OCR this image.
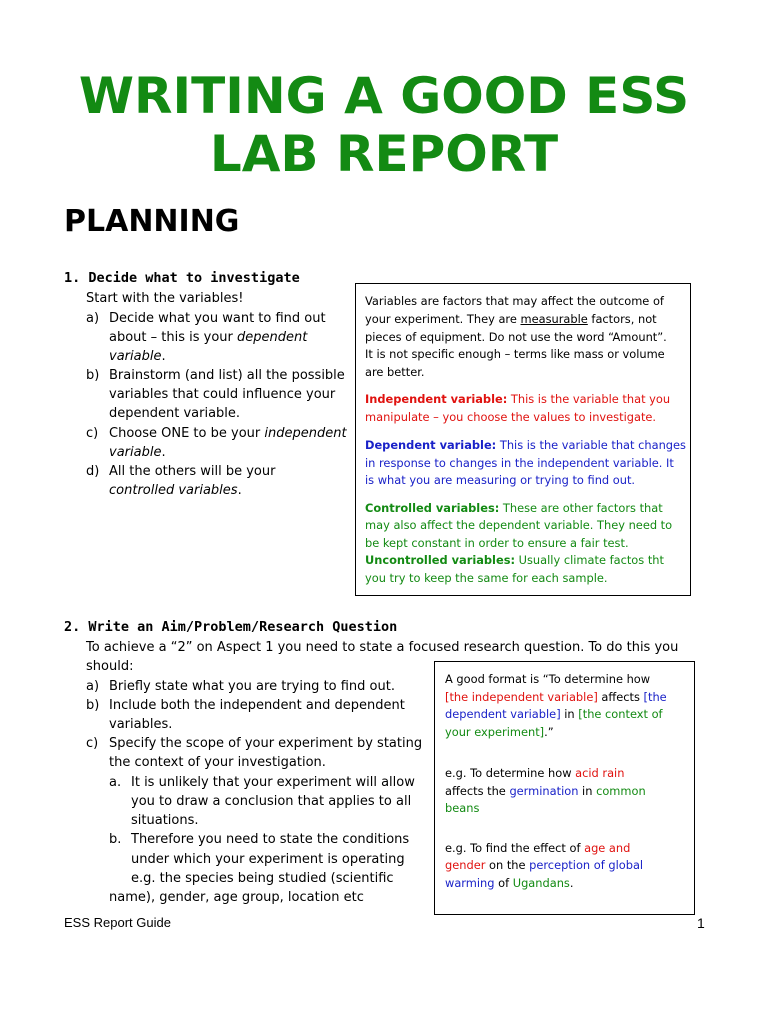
WRITING A GOOD ESS
LAB REPORT
PLANNING
1. Decide what to investigate
Start with the variables!
a) Decide what you want to find out
about – this is your dependent
variable.
b) Brainstorm (and list) all the possible
variables that could influence your
dependent variable.
c) Choose ONE to be your independent
variable.
d) All the others will be your
controlled variables.
Variables are factors that may affect the outcome of
your experiment. They are measurable factors, not
pieces of equipment. Do not use the word “Amount”.
It is not specific enough – terms like mass or volume
are better.
Independent variable: This is the variable that you
manipulate – you choose the values to investigate.
Dependent variable: This is the variable that changes
in response to changes in the independent variable. It
is what you are measuring or trying to find out.
Controlled variables: These are other factors that
may also affect the dependent variable. They need to
be kept constant in order to ensure a fair test.
Uncontrolled variables: Usually climate factos tht
you try to keep the same for each sample.
2. Write an Aim/Problem/Research Question
To achieve a “2” on Aspect 1 you need to state a focused research question. To do this you
should:
a) Briefly state what you are trying to find out.
b) Include both the independent and dependent
variables.
c) Specify the scope of your experiment by stating
the context of your investigation.
a. It is unlikely that your experiment will allow
you to draw a conclusion that applies to all
situations.
b. Therefore you need to state the conditions
under which your experiment is operating
e.g. the species being studied (scientific
name), gender, age group, location etc
A good format is “To determine how
[the independent variable] affects [the
dependent variable] in [the context of
your experiment].”
e.g. To determine how acid rain
affects the germination in common
beans
e.g. To find the effect of age and
gender on the perception of global
warming of Ugandans.
ESS Report Guide	1
